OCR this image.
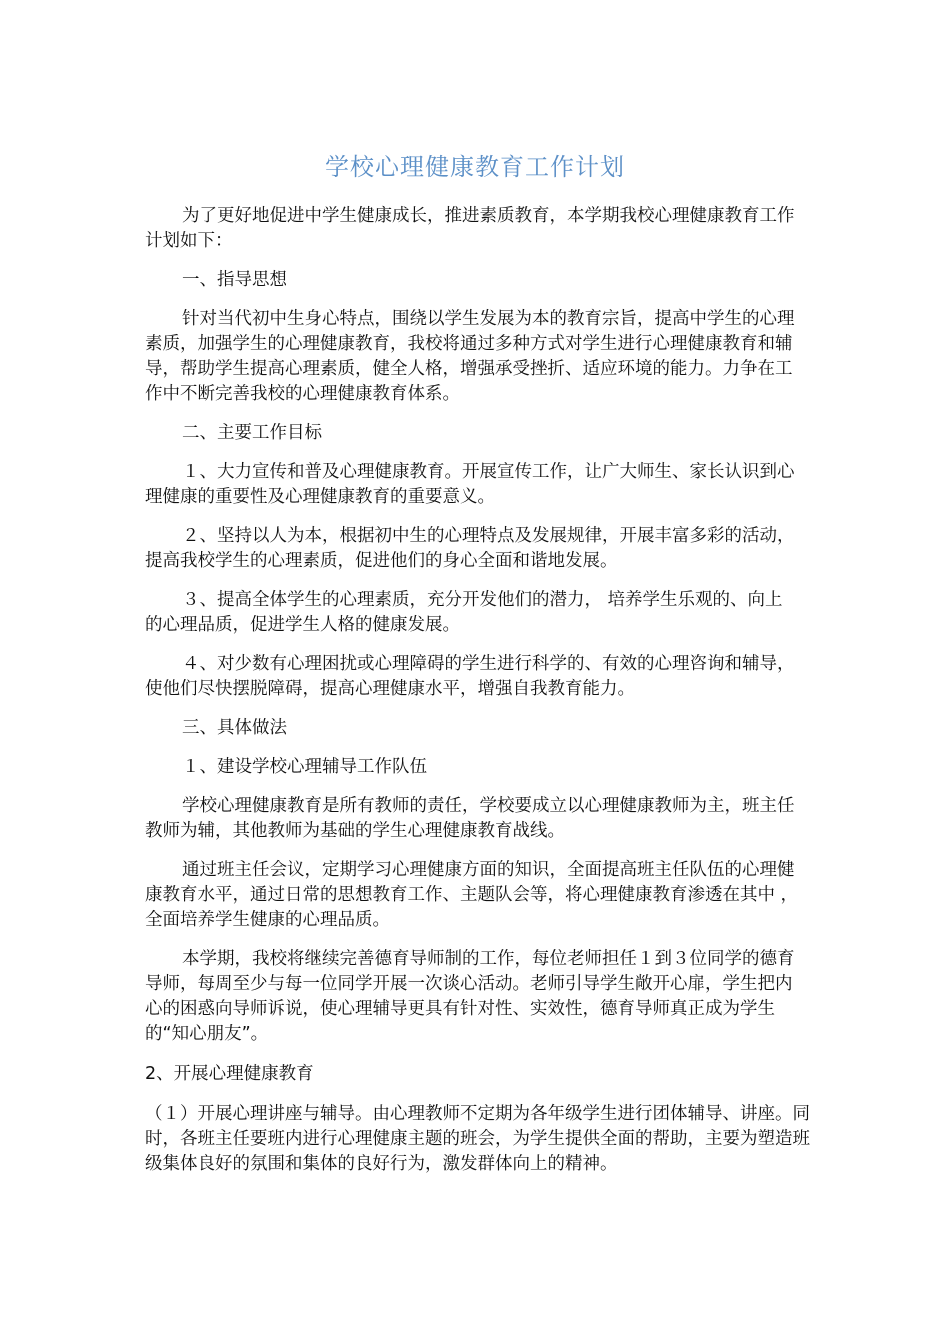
学校心理健康教育工作计划

为了更好地促进中学生健康成长，推进素质教育，本学期我校心理健康教育工作计划如下：

一、指导思想

针对当代初中生身心特点，围绕以学生发展为本的教育宗旨，提高中学生的心理素质，加强学生的心理健康教育，我校将通过多种方式对学生进行心理健康教育和辅导，帮助学生提高心理素质，健全人格，增强承受挫折、适应环境的能力。力争在工作中不断完善我校的心理健康教育体系。

二、主要工作目标

１、大力宣传和普及心理健康教育。开展宣传工作，让广大师生、家长认识到心理健康的重要性及心理健康教育的重要意义。

２、坚持以人为本，根据初中生的心理特点及发展规律，开展丰富多彩的活动，提高我校学生的心理素质，促进他们的身心全面和谐地发展。

３、提高全体学生的心理素质，充分开发他们的潜力， 培养学生乐观的、向上的心理品质，促进学生人格的健康发展。

４、对少数有心理困扰或心理障碍的学生进行科学的、有效的心理咨询和辅导，使他们尽快摆脱障碍，提高心理健康水平，增强自我教育能力。

三、具体做法

１、建设学校心理辅导工作队伍

学校心理健康教育是所有教师的责任，学校要成立以心理健康教师为主，班主任教师为辅，其他教师为基础的学生心理健康教育战线。

通过班主任会议，定期学习心理健康方面的知识，全面提高班主任队伍的心理健康教育水平，通过日常的思想教育工作、主题队会等，将心理健康教育渗透在其中 ，全面培养学生健康的心理品质。

本学期，我校将继续完善德育导师制的工作，每位老师担任１到３位同学的德育导师，每周至少与每一位同学开展一次谈心活动。老师引导学生敞开心扉，学生把内心的困惑向导师诉说，使心理辅导更具有针对性、实效性，德育导师真正成为学生的“知心朋友”。

2、开展心理健康教育

（１）开展心理讲座与辅导。由心理教师不定期为各年级学生进行团体辅导、讲座。同时，各班主任要班内进行心理健康主题的班会，为学生提供全面的帮助，主要为塑造班级集体良好的氛围和集体的良好行为，激发群体向上的精神。
